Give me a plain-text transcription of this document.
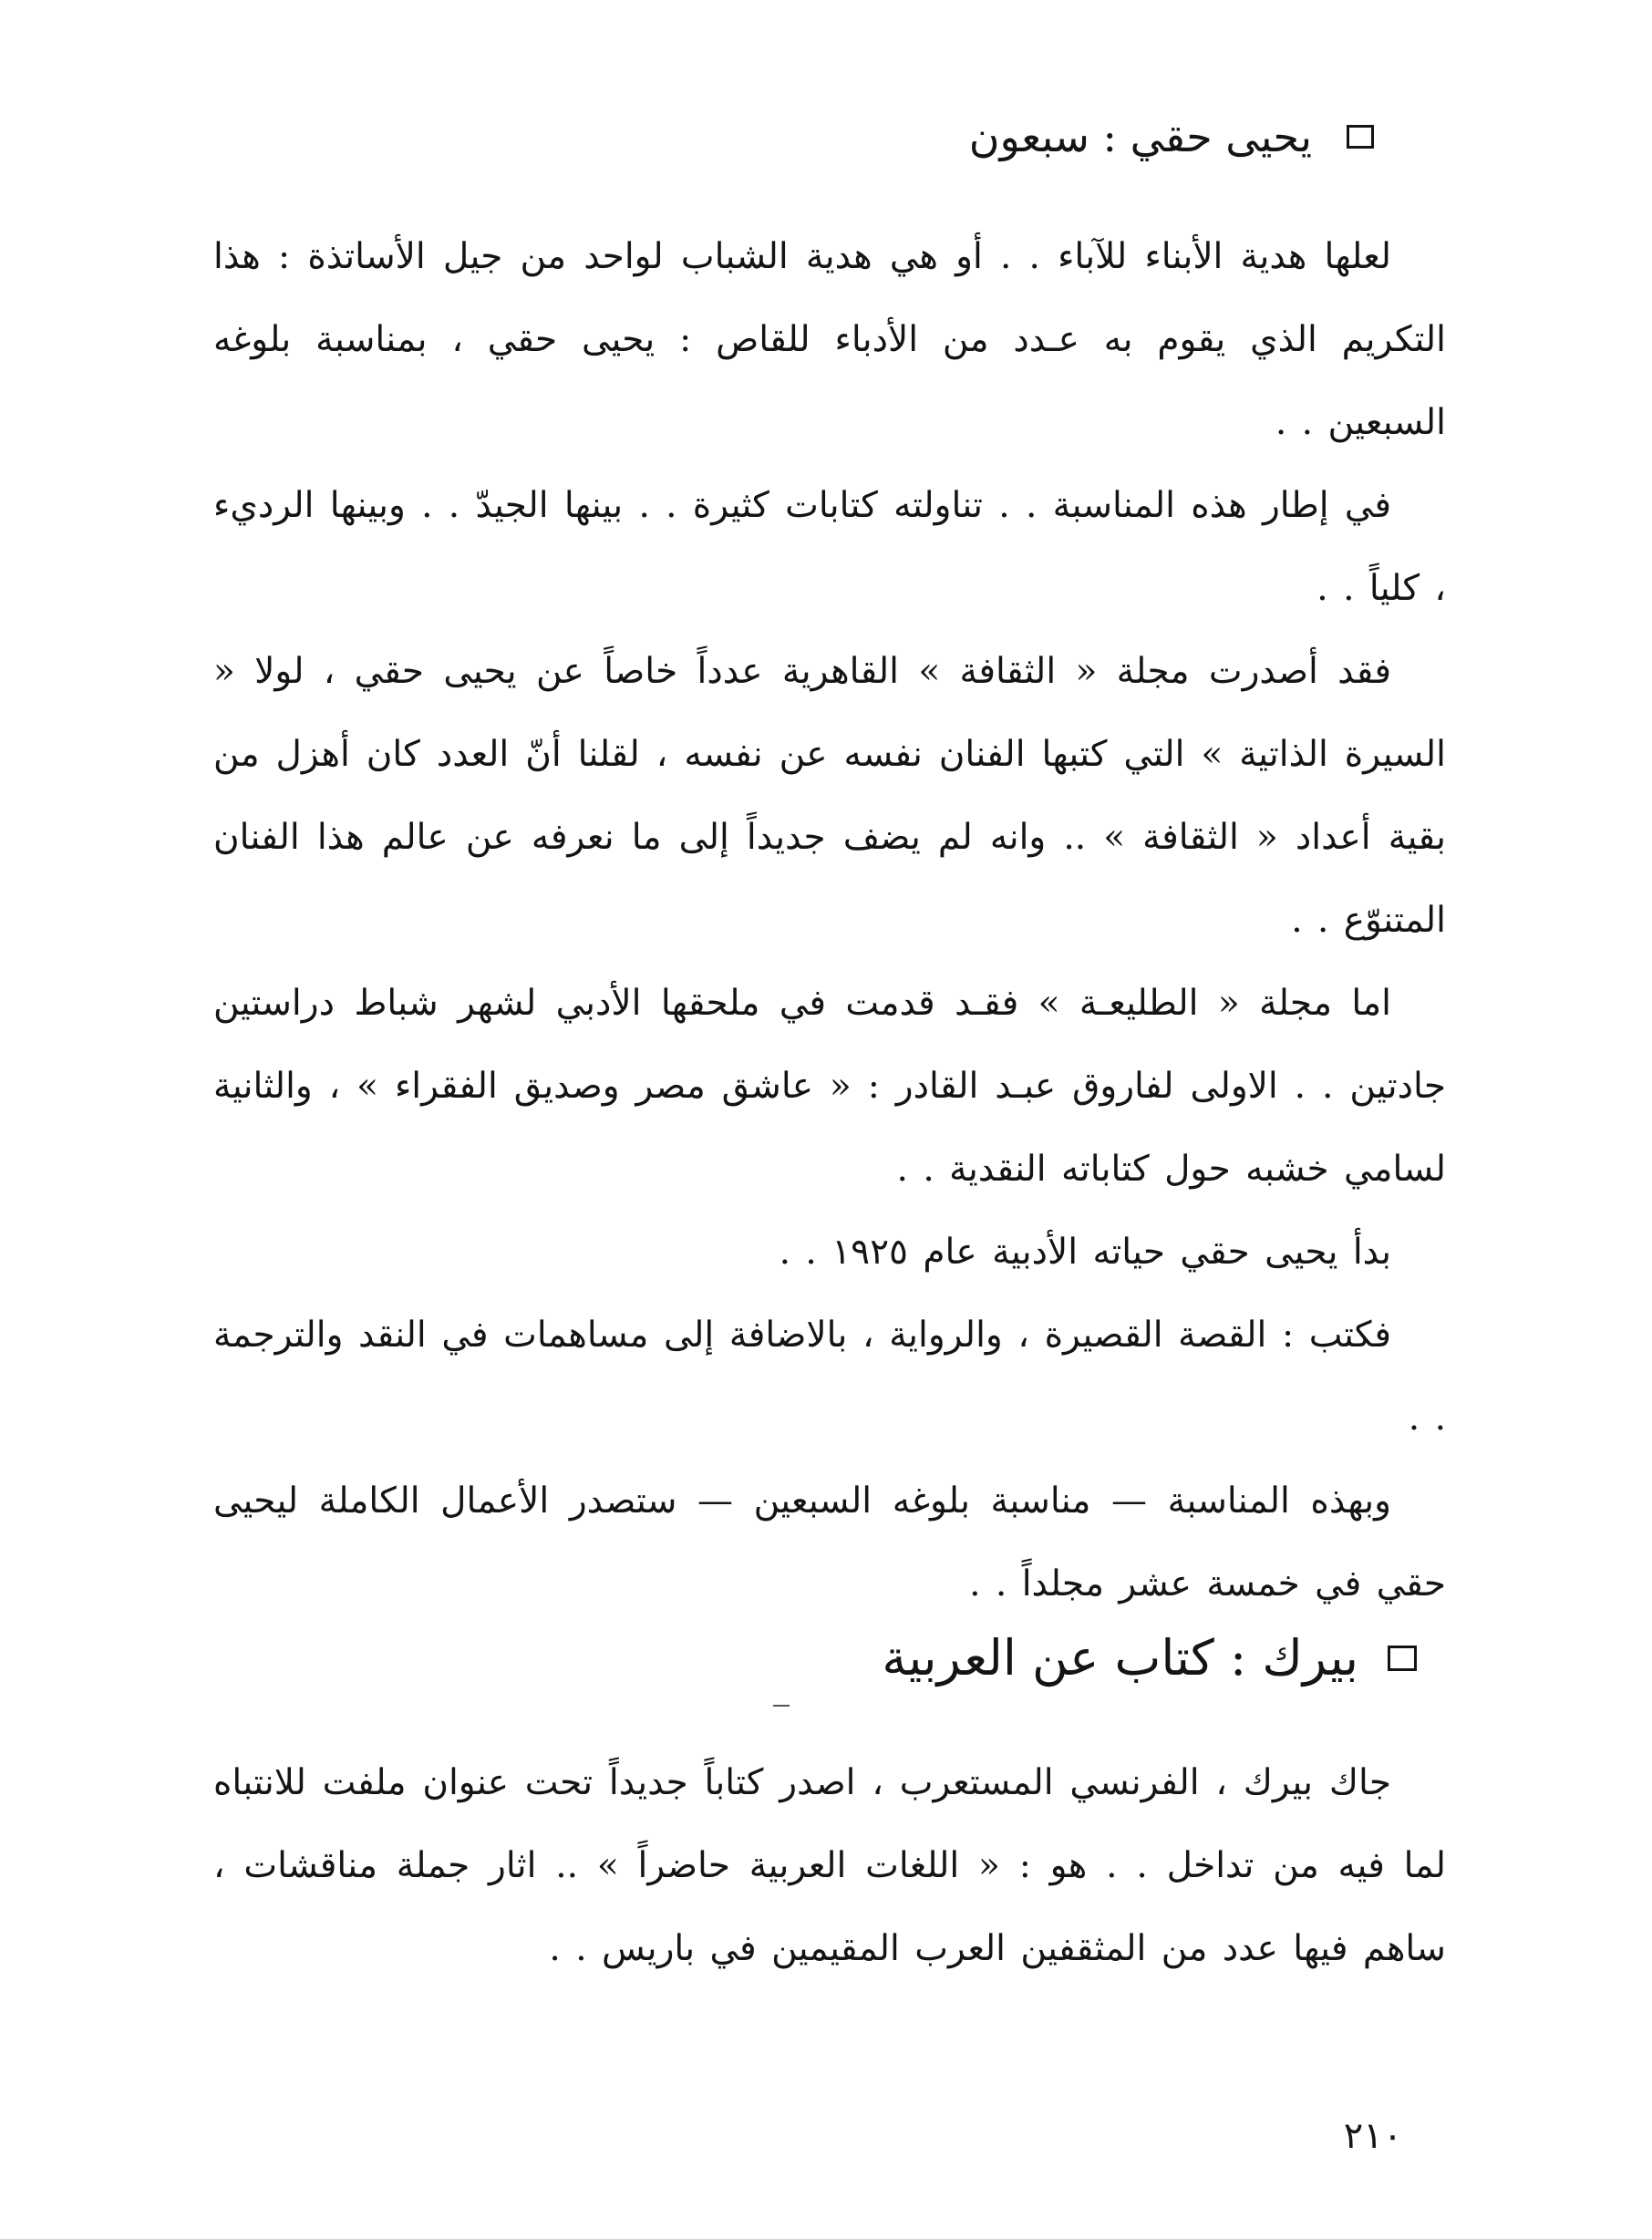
يحيى حقي : سبعون

لعلها هدية الأبناء للآباء . . أو هي هدية الشباب لواحد من جيل الأساتذة : هذا التكريم الذي يقوم به عـدد من الأدباء للقاص : يحيى حقي ، بمناسبة بلوغه السبعين . .

في إطار هذه المناسبة . . تناولته كتابات كثيرة . . بينها الجيدّ . . وبينها الرديء ، كلياً . .

فقد أصدرت مجلة « الثقافة » القاهرية عدداً خاصاً عن يحيى حقي ، لولا « السيرة الذاتية » التي كتبها الفنان نفسه عن نفسه ، لقلنا أنّ العدد كان أهزل من بقية أعداد « الثقافة » .. وانه لم يضف جديداً إلى ما نعرفه عن عالم هذا الفنان المتنوّع . .

اما مجلة « الطليعـة » فقـد قدمت في ملحقها الأدبي لشهر شباط دراستين جادتين . . الاولى لفاروق عبـد القادر : « عاشق مصر وصديق الفقراء » ، والثانية لسامي خشبه حول كتاباته النقدية . .

بدأ يحيى حقي حياته الأدبية عام ١٩٢٥ . .

فكتب : القصة القصيرة ، والرواية ، بالاضافة إلى مساهمات في النقد والترجمة . .

وبهذه المناسبة — مناسبة بلوغه السبعين — ستصدر الأعمال الكاملة ليحيى حقي في خمسة عشر مجلداً . .

بيرك : كتاب عن العربية

جاك بيرك ، الفرنسي المستعرب ، اصدر كتاباً جديداً تحت عنوان ملفت للانتباه لما فيه من تداخل . . هو : « اللغات العربية حاضراً » .. اثار جملة مناقشات ، ساهم فيها عدد من المثقفين العرب المقيمين في باريس . .

٢١٠
